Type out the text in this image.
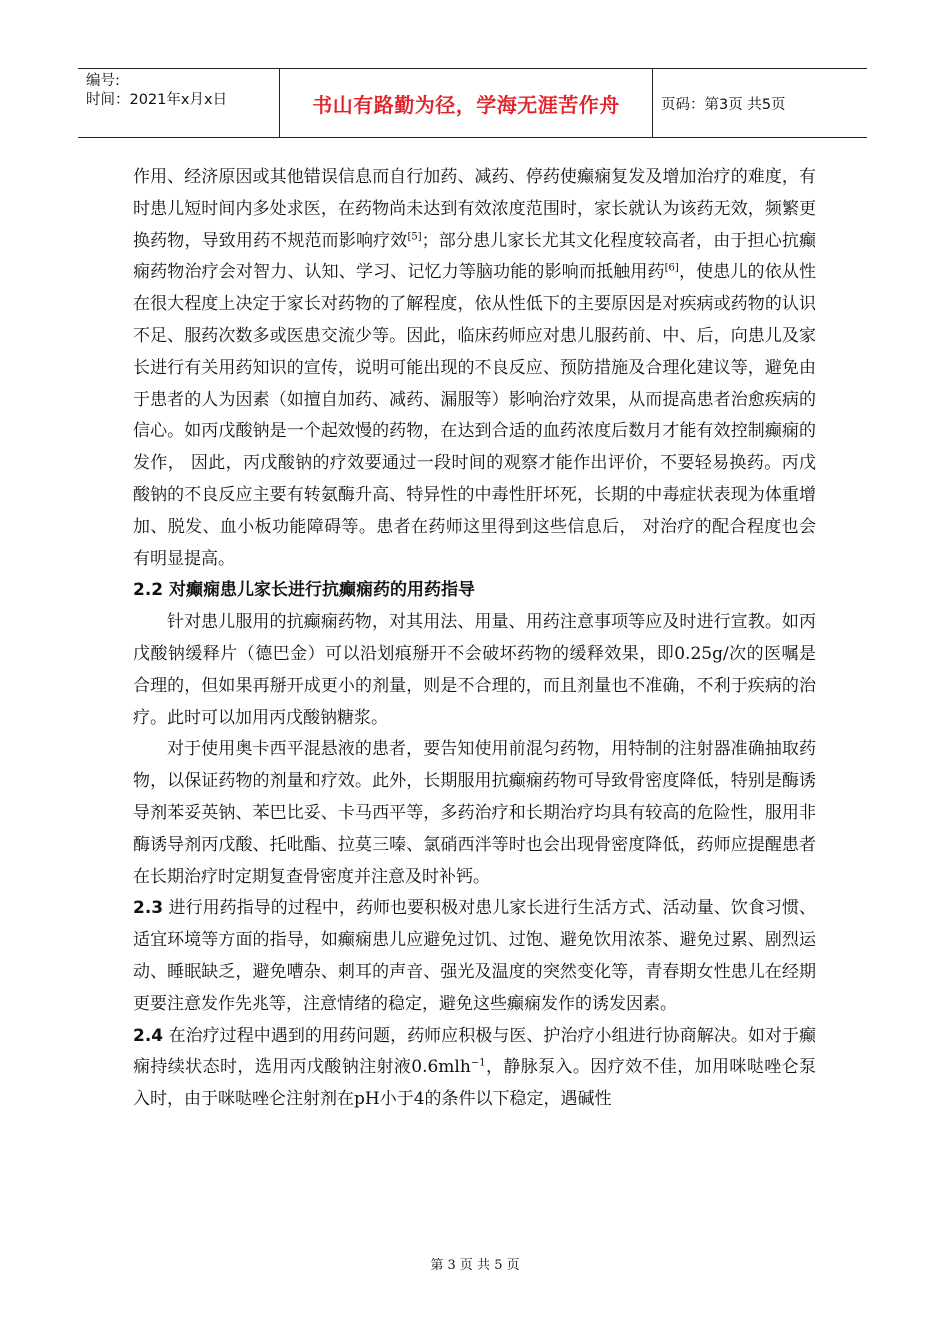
编号:
时间：2021年x月x日	书山有路勤为径，学海无涯苦作舟	页码：第3页 共5页

作用、经济原因或其他错误信息而自行加药、减药、停药使癫痫复发及增加治疗的难度，有时患儿短时间内多处求医，在药物尚未达到有效浓度范围时，家长就认为该药无效，频繁更换药物，导致用药不规范而影响疗效[5]；部分患儿家长尤其文化程度较高者，由于担心抗癫痫药物治疗会对智力、认知、学习、记忆力等脑功能的影响而抵触用药[6]，使患儿的依从性在很大程度上决定于家长对药物的了解程度，依从性低下的主要原因是对疾病或药物的认识不足、服药次数多或医患交流少等。因此，临床药师应对患儿服药前、中、后，向患儿及家长进行有关用药知识的宣传，说明可能出现的不良反应、预防措施及合理化建议等，避免由于患者的人为因素（如擅自加药、减药、漏服等）影响治疗效果，从而提高患者治愈疾病的信心。如丙戊酸钠是一个起效慢的药物，在达到合适的血药浓度后数月才能有效控制癫痫的发作， 因此，丙戊酸钠的疗效要通过一段时间的观察才能作出评价，不要轻易换药。丙戊酸钠的不良反应主要有转氨酶升高、特异性的中毒性肝坏死，长期的中毒症状表现为体重增加、脱发、血小板功能障碍等。患者在药师这里得到这些信息后， 对治疗的配合程度也会有明显提高。

2.2 对癫痫患儿家长进行抗癫痫药的用药指导

针对患儿服用的抗癫痫药物，对其用法、用量、用药注意事项等应及时进行宣教。如丙戊酸钠缓释片（德巴金）可以沿划痕掰开不会破坏药物的缓释效果，即0.25g/次的医嘱是合理的，但如果再掰开成更小的剂量，则是不合理的，而且剂量也不准确，不利于疾病的治疗。此时可以加用丙戊酸钠糖浆。

对于使用奥卡西平混悬液的患者，要告知使用前混匀药物，用特制的注射器准确抽取药物，以保证药物的剂量和疗效。此外，长期服用抗癫痫药物可导致骨密度降低，特别是酶诱导剂苯妥英钠、苯巴比妥、卡马西平等，多药治疗和长期治疗均具有较高的危险性，服用非酶诱导剂丙戊酸、托吡酯、拉莫三嗪、氯硝西泮等时也会出现骨密度降低，药师应提醒患者在长期治疗时定期复查骨密度并注意及时补钙。

2.3 进行用药指导的过程中，药师也要积极对患儿家长进行生活方式、活动量、饮食习惯、适宜环境等方面的指导，如癫痫患儿应避免过饥、过饱、避免饮用浓茶、避免过累、剧烈运动、睡眠缺乏，避免嘈杂、刺耳的声音、强光及温度的突然变化等，青春期女性患儿在经期更要注意发作先兆等，注意情绪的稳定，避免这些癫痫发作的诱发因素。

2.4 在治疗过程中遇到的用药问题，药师应积极与医、护治疗小组进行协商解决。如对于癫痫持续状态时，选用丙戊酸钠注射液0.6mlh$^{-1}$，静脉泵入。因疗效不佳，加用咪哒唑仑泵入时，由于咪哒唑仑注射剂在pH小于4的条件以下稳定，遇碱性

第 3 页 共 5 页
